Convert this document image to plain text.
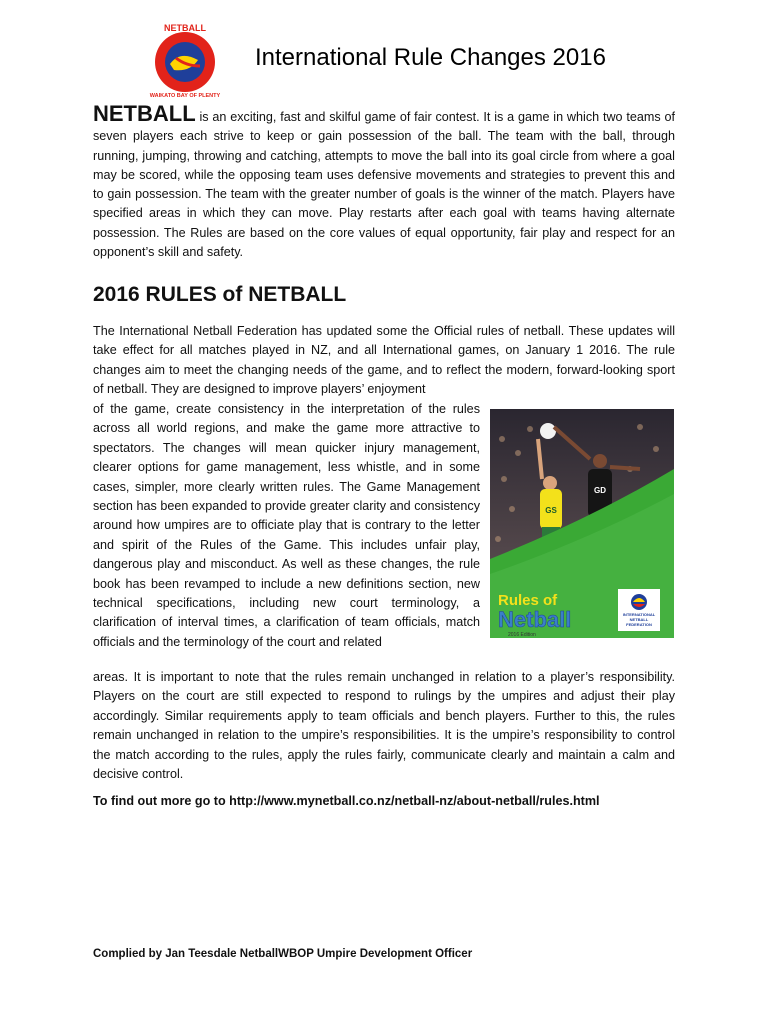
NETBALL
WAIKATO BAY OF PLENTY
International Rule Changes 2016

NETBALL is an exciting, fast and skilful game of fair contest. It is a game in which two teams of seven players each strive to keep or gain possession of the ball. The team with the ball, through running, jumping, throwing and catching, attempts to move the ball into its goal circle from where a goal may be scored, while the opposing team uses defensive movements and strategies to prevent this and to gain possession. The team with the greater number of goals is the winner of the match. Players have specified areas in which they can move. Play restarts after each goal with teams having alternate possession. The Rules are based on the core values of equal opportunity, fair play and respect for an opponent’s skill and safety.

2016 RULES of NETBALL

The International Netball Federation has updated some the Official rules of netball. These updates will take effect for all matches played in NZ, and all International games, on January 1 2016. The rule changes aim to meet the changing needs of the game, and to reflect the modern, forward-looking sport of netball. They are designed to improve players’ enjoyment

of the game, create consistency in the interpretation of the rules across all world regions, and make the game more attractive to spectators. The changes will mean quicker injury management, clearer options for game management, less whistle, and in some cases, simpler, more clearly written rules. The Game Management section has been expanded to provide greater clarity and consistency around how umpires are to officiate play that is contrary to the letter and spirit of the Rules of the Game. This includes unfair play, dangerous play and misconduct. As well as these changes, the rule book has been revamped to include a new definitions section, new technical specifications, including new court terminology, a clarification of interval times, a clarification of team officials, match officials and the terminology of the court and related

areas. It is important to note that the rules remain unchanged in relation to a player’s responsibility. Players on the court are still expected to respond to rulings by the umpires and adjust their play accordingly. Similar requirements apply to team officials and bench players. Further to this, the rules remain unchanged in relation to the umpire’s responsibilities. It is the umpire’s responsibility to control the match according to the rules, apply the rules fairly, communicate clearly and maintain a calm and decisive control.

GS
GD
Rules of
Netball
2016 Edition
INTERNATIONAL NETBALL FEDERATION

To find out more go to http://www.mynetball.co.nz/netball-nz/about-netball/rules.html

Complied by Jan Teesdale NetballWBOP Umpire Development Officer
